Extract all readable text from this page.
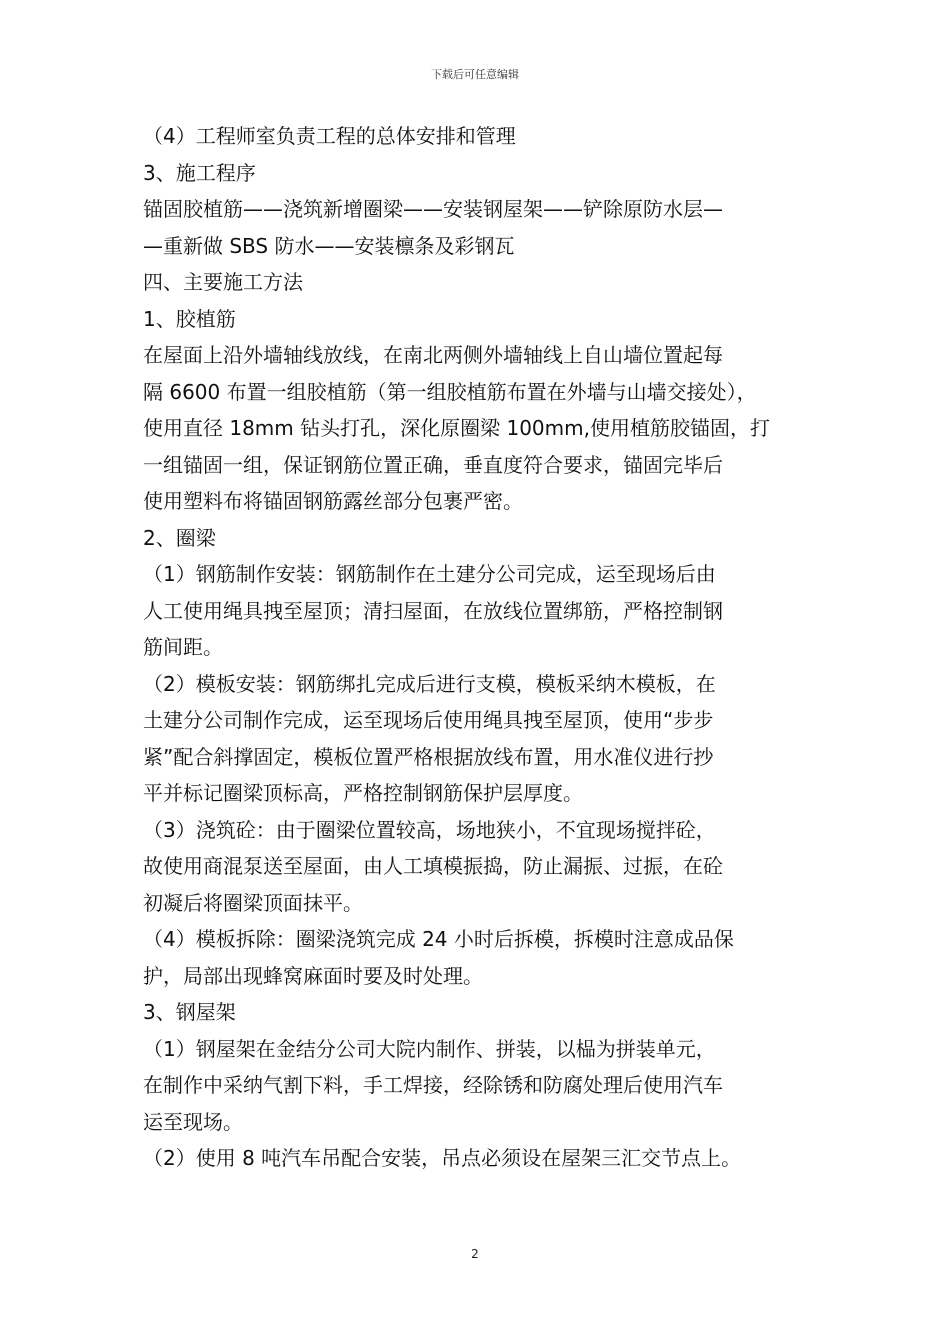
下载后可任意编辑

（4）工程师室负责工程的总体安排和管理

3、施工程序

锚固胶植筋——浇筑新增圈梁——安装钢屋架——铲除原防水层—

—重新做 SBS 防水——安装檩条及彩钢瓦

四、主要施工方法

1、胶植筋

在屋面上沿外墙轴线放线，在南北两侧外墙轴线上自山墙位置起每

隔 6600 布置一组胶植筋（第一组胶植筋布置在外墙与山墙交接处），

使用直径 18mm 钻头打孔，深化原圈梁 100mm,使用植筋胶锚固，打

一组锚固一组，保证钢筋位置正确，垂直度符合要求，锚固完毕后

使用塑料布将锚固钢筋露丝部分包裹严密。

2、圈梁

（1）钢筋制作安装：钢筋制作在土建分公司完成，运至现场后由

人工使用绳具拽至屋顶；清扫屋面，在放线位置绑筋，严格控制钢

筋间距。

（2）模板安装：钢筋绑扎完成后进行支模，模板采纳木模板，在

土建分公司制作完成，运至现场后使用绳具拽至屋顶，使用“步步

紧”配合斜撑固定，模板位置严格根据放线布置，用水准仪进行抄

平并标记圈梁顶标高，严格控制钢筋保护层厚度。

（3）浇筑砼：由于圈梁位置较高，场地狭小，不宜现场搅拌砼，

故使用商混泵送至屋面，由人工填模振捣，防止漏振、过振，在砼

初凝后将圈梁顶面抹平。

（4）模板拆除：圈梁浇筑完成 24 小时后拆模，拆模时注意成品保

护，局部出现蜂窝麻面时要及时处理。

3、钢屋架

（1）钢屋架在金结分公司大院内制作、拼装，以榀为拼装单元，

在制作中采纳气割下料，手工焊接，经除锈和防腐处理后使用汽车

运至现场。

（2）使用 8 吨汽车吊配合安装，吊点必须设在屋架三汇交节点上。

2
